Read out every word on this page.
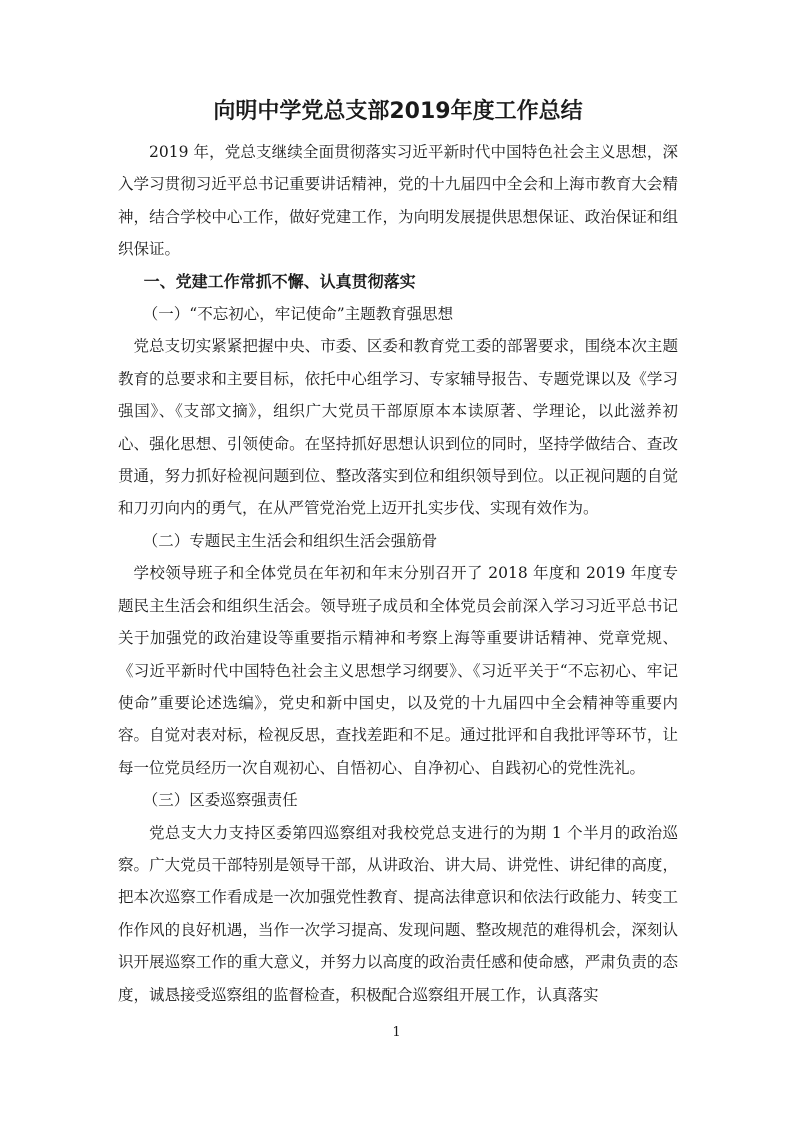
向明中学党总支部2019年度工作总结

2019 年，党总支继续全面贯彻落实习近平新时代中国特色社会主义思想，深入学习贯彻习近平总书记重要讲话精神，党的十九届四中全会和上海市教育大会精神，结合学校中心工作，做好党建工作，为向明发展提供思想保证、政治保证和组织保证。

一、党建工作常抓不懈、认真贯彻落实

（一）“不忘初心，牢记使命”主题教育强思想

党总支切实紧紧把握中央、市委、区委和教育党工委的部署要求，围绕本次主题教育的总要求和主要目标，依托中心组学习、专家辅导报告、专题党课以及《学习强国》、《支部文摘》，组织广大党员干部原原本本读原著、学理论，以此滋养初心、强化思想、引领使命。在坚持抓好思想认识到位的同时，坚持学做结合、查改贯通，努力抓好检视问题到位、整改落实到位和组织领导到位。以正视问题的自觉和刀刃向内的勇气，在从严管党治党上迈开扎实步伐、实现有效作为。

（二）专题民主生活会和组织生活会强筋骨

学校领导班子和全体党员在年初和年末分别召开了 2018 年度和 2019 年度专题民主生活会和组织生活会。领导班子成员和全体党员会前深入学习习近平总书记关于加强党的政治建设等重要指示精神和考察上海等重要讲话精神、党章党规、《习近平新时代中国特色社会主义思想学习纲要》、《习近平关于“不忘初心、牢记使命”重要论述选编》，党史和新中国史，以及党的十九届四中全会精神等重要内容。自觉对表对标，检视反思，查找差距和不足。通过批评和自我批评等环节，让每一位党员经历一次自观初心、自悟初心、自净初心、自践初心的党性洗礼。

（三）区委巡察强责任

党总支大力支持区委第四巡察组对我校党总支进行的为期 1 个半月的政治巡察。广大党员干部特别是领导干部，从讲政治、讲大局、讲党性、讲纪律的高度，把本次巡察工作看成是一次加强党性教育、提高法律意识和依法行政能力、转变工作作风的良好机遇，当作一次学习提高、发现问题、整改规范的难得机会，深刻认识开展巡察工作的重大意义，并努力以高度的政治责任感和使命感，严肃负责的态度，诚恳接受巡察组的监督检查，积极配合巡察组开展工作，认真落实

1
